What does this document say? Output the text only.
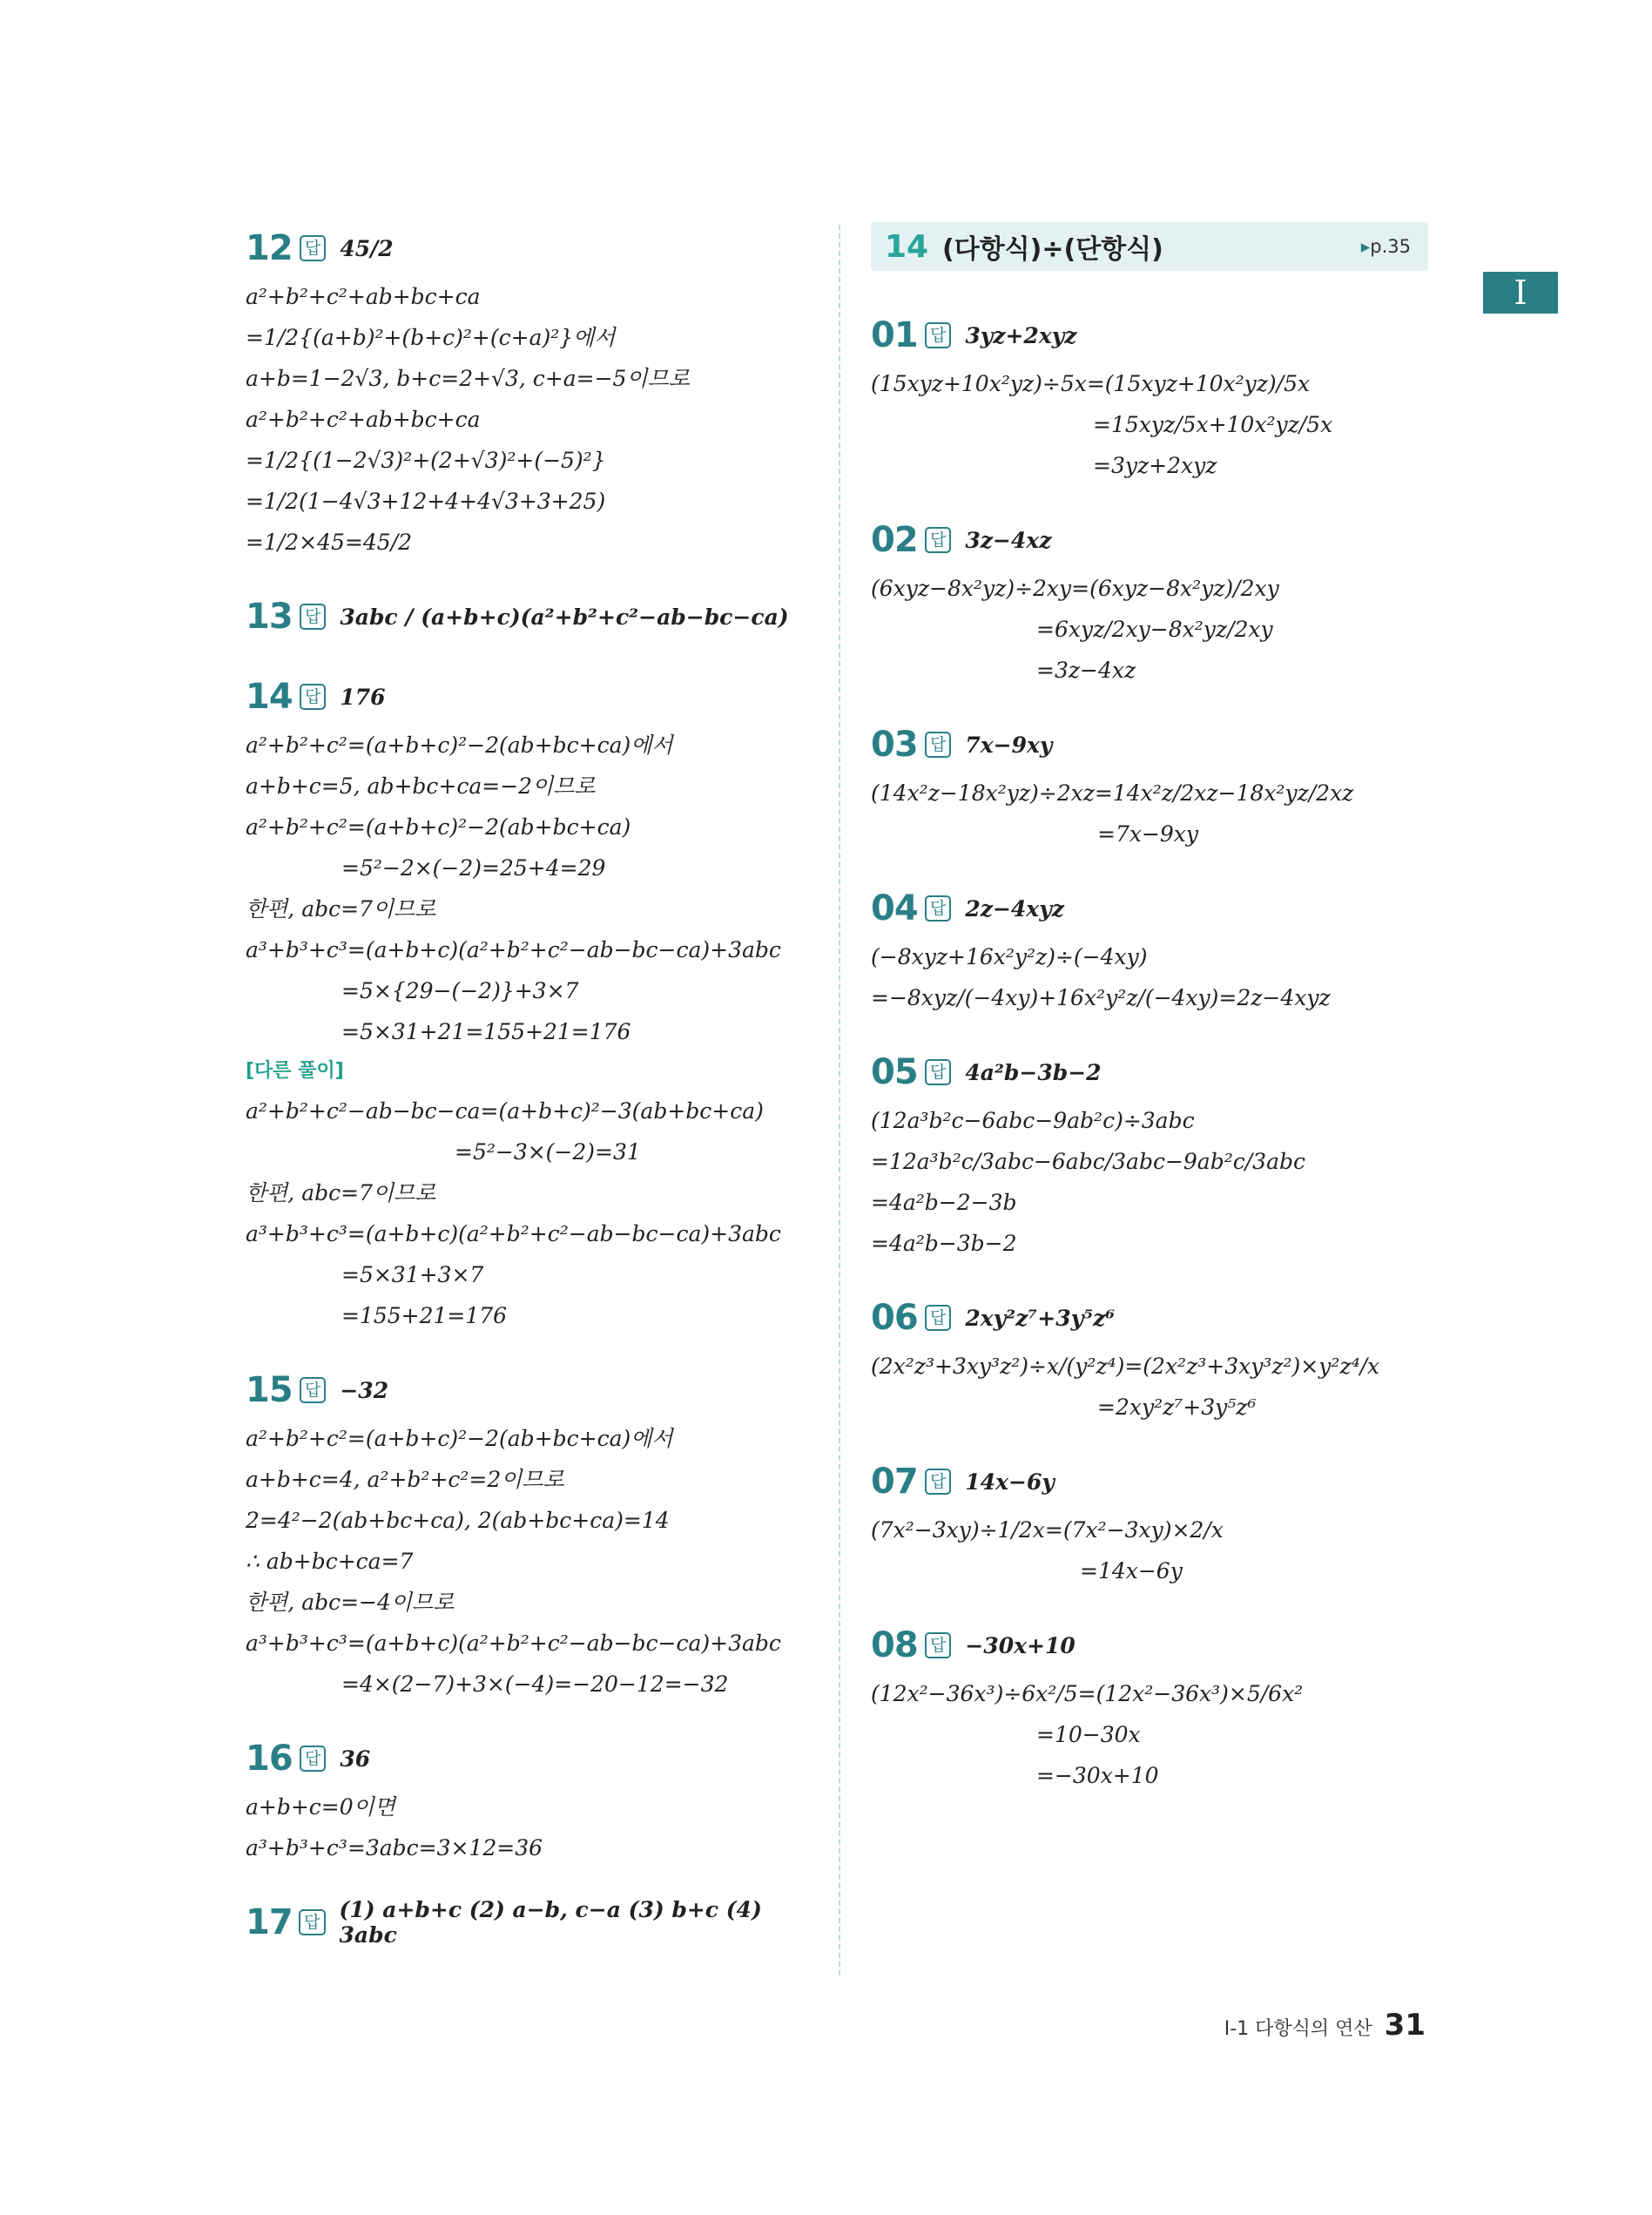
12 답 45/2
a²+b²+c²+ab+bc+ca
=1/2{(a+b)²+(b+c)²+(c+a)²}에서
a+b=1−2√3, b+c=2+√3, c+a=−5이므로
a²+b²+c²+ab+bc+ca
=1/2{(1−2√3)²+(2+√3)²+(−5)²}
=1/2(1−4√3+12+4+4√3+3+25)
=1/2×45=45/2
13 답 3abc / (a+b+c)(a²+b²+c²−ab−bc−ca)
14 답 176
a²+b²+c²=(a+b+c)²−2(ab+bc+ca)에서
a+b+c=5, ab+bc+ca=−2이므로
a²+b²+c²=(a+b+c)²−2(ab+bc+ca)
=5²−2×(−2)=25+4=29
한편, abc=7이므로
a³+b³+c³=(a+b+c)(a²+b²+c²−ab−bc−ca)+3abc
=5×{29−(−2)}+3×7
=5×31+21=155+21=176
[다른 풀이]
a²+b²+c²−ab−bc−ca=(a+b+c)²−3(ab+bc+ca)
=5²−3×(−2)=31
한편, abc=7이므로
a³+b³+c³=(a+b+c)(a²+b²+c²−ab−bc−ca)+3abc
=5×31+3×7
=155+21=176
15 답 −32
a²+b²+c²=(a+b+c)²−2(ab+bc+ca)에서
a+b+c=4, a²+b²+c²=2이므로
2=4²−2(ab+bc+ca), 2(ab+bc+ca)=14
∴ ab+bc+ca=7
한편, abc=−4이므로
a³+b³+c³=(a+b+c)(a²+b²+c²−ab−bc−ca)+3abc
=4×(2−7)+3×(−4)=−20−12=−32
16 답 36
a+b+c=0이면
a³+b³+c³=3abc=3×12=36
17 답 (1) a+b+c (2) a−b, c−a (3) b+c (4) 3abc
14 (다항식)÷(단항식)
▸	p.35
01 답 3yz+2xyz
(15xyz+10x²yz)÷5x=(15xyz+10x²yz)/5x
=15xyz/5x+10x²yz/5x
=3yz+2xyz
02 답 3z−4xz
(6xyz−8x²yz)÷2xy=(6xyz−8x²yz)/2xy
=6xyz/2xy−8x²yz/2xy
=3z−4xz
03 답 7x−9xy
(14x²z−18x²yz)÷2xz=14x²z/2xz−18x²yz/2xz
=7x−9xy
04 답 2z−4xyz
(−8xyz+16x²y²z)÷(−4xy)
=−8xyz/(−4xy)+16x²y²z/(−4xy)=2z−4xyz
05 답 4a²b−3b−2
(12a³b²c−6abc−9ab²c)÷3abc
=12a³b²c/3abc−6abc/3abc−9ab²c/3abc
=4a²b−2−3b
=4a²b−3b−2
06 답 2xy²z⁷+3y⁵z⁶
(2x²z³+3xy³z²)÷x/(y²z⁴)=(2x²z³+3xy³z²)×y²z⁴/x
=2xy²z⁷+3y⁵z⁶
07 답 14x−6y
(7x²−3xy)÷1/2x=(7x²−3xy)×2/x
=14x−6y
08 답 −30x+10
(12x²−36x³)÷6x²/5=(12x²−36x³)×5/6x²
=10−30x
=−30x+10
I
I-1 다항식의 연산 31
